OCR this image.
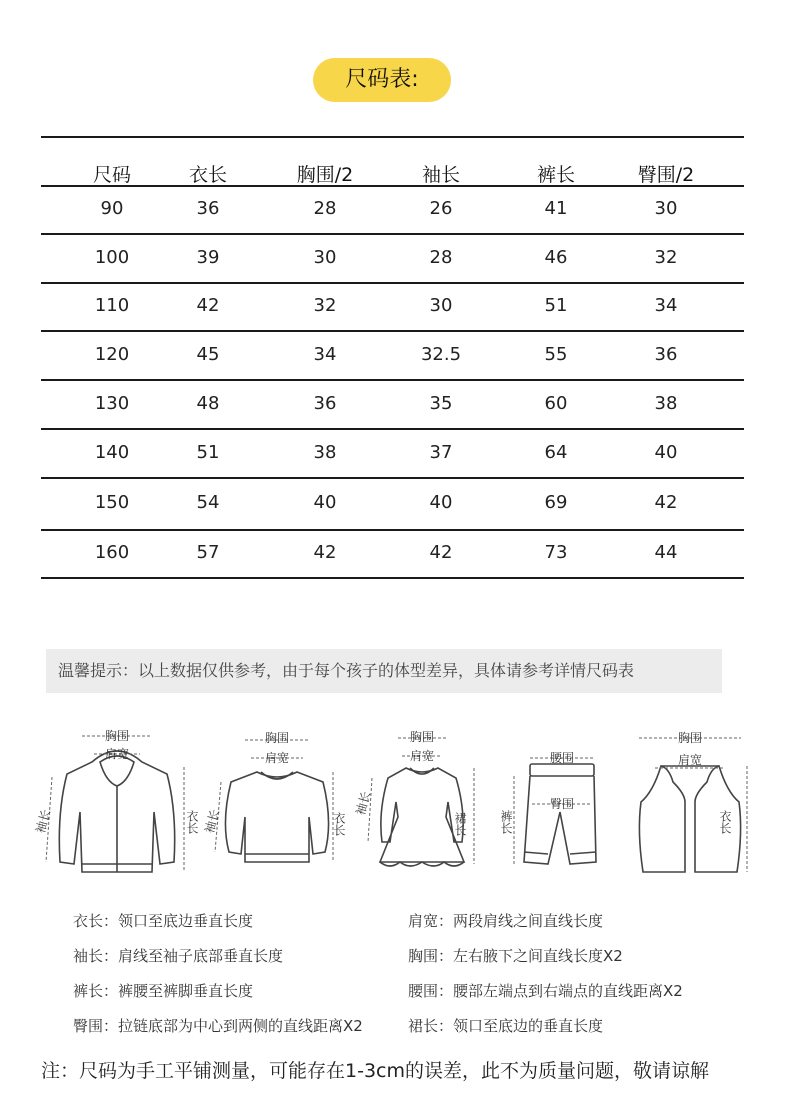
尺码表:
温馨提示：以上数据仅供参考，由于每个孩子的体型差异，具体请参考详情尺码表
胸围
肩宽
袖长	衣长
胸围
肩宽
袖长	衣长
胸围
肩宽
袖长
裙长
腰围
臀围
裤长
胸围
肩宽
衣长
衣长：领口至底边垂直长度	肩宽：两段肩线之间直线长度
袖长：肩线至袖子底部垂直长度	胸围：左右腋下之间直线长度X2
裤长：裤腰至裤脚垂直长度	腰围：腰部左端点到右端点的直线距离X2
臀围：拉链底部为中心到两侧的直线距离X2	裙长：领口至底边的垂直长度
注：尺码为手工平铺测量，可能存在1-3cm的误差，此不为质量问题，敬请谅解
尺码	衣长	胸围/2	袖长	裤长	臀围/2
90	36	28	26	41	30
100	39	30	28	46	32
110	42	32	30	51	34
120	45	34	32.5	55	36
130	48	36	35	60	38
140	51	38	37	64	40
150	54	40	40	69	42
160	57	42	42	73	44
